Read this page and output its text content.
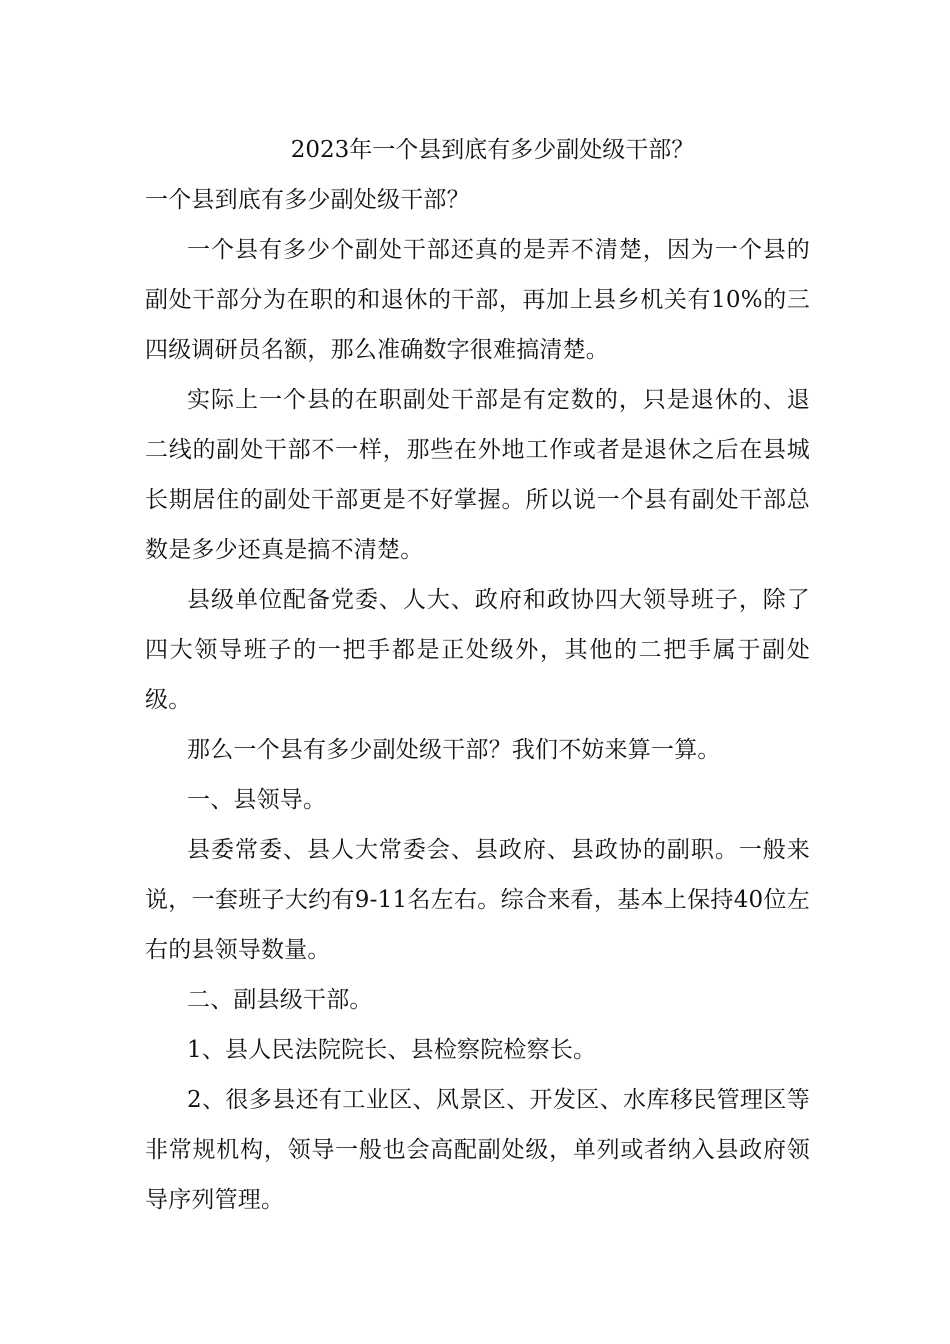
2023年一个县到底有多少副处级干部？

一个县到底有多少副处级干部？

一个县有多少个副处干部还真的是弄不清楚，因为一个县的副处干部分为在职的和退休的干部，再加上县乡机关有10%的三四级调研员名额，那么准确数字很难搞清楚。

实际上一个县的在职副处干部是有定数的，只是退休的、退二线的副处干部不一样，那些在外地工作或者是退休之后在县城长期居住的副处干部更是不好掌握。所以说一个县有副处干部总数是多少还真是搞不清楚。

县级单位配备党委、人大、政府和政协四大领导班子，除了四大领导班子的一把手都是正处级外，其他的二把手属于副处级。

那么一个县有多少副处级干部？我们不妨来算一算。

一、县领导。

县委常委、县人大常委会、县政府、县政协的副职。一般来说，一套班子大约有9-11名左右。综合来看，基本上保持40位左右的县领导数量。

二、副县级干部。

1、县人民法院院长、县检察院检察长。

2、很多县还有工业区、风景区、开发区、水库移民管理区等非常规机构，领导一般也会高配副处级，单列或者纳入县政府领导序列管理。
